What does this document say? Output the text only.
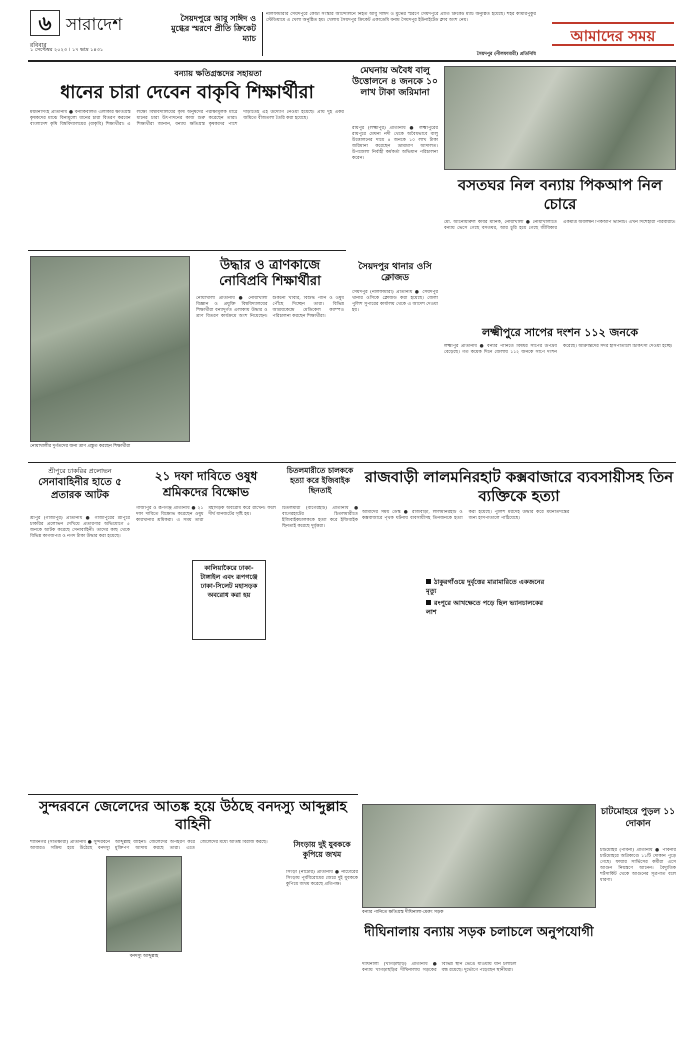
৬ সারাদেশ
রবিবার
১ সেপ্টেম্বর ২০২৩ । ১৭ ভাদ্র ১৪৩১
সৈয়দপুরে আবু সাঈদ ও মুগ্ধের স্মরণে প্রীতি ক্রিকেট ম্যাচ
নীলফামারীর সৈয়দপুরে কোটা সংস্কার আন্দোলনে নিহত আবু সাঈদ ও মুগ্ধের স্মরণে সৈয়দপুরে প্রীতি ক্রিকেট ম্যাচ অনুষ্ঠিত হয়েছে। শহর কামারপুকুর স্টেডিয়ামে এ খেলা অনুষ্ঠিত হয়। খেলায় সৈয়দপুর ক্রিকেট একাডেমি বনাম সৈয়দপুর ইউনাইটেড ক্লাব অংশ নেয়।
সৈয়দপুর (নীলফামারী) প্রতিনিধি
আমাদের সময়
বন্যায় ক্ষতিগ্রস্তদের সহায়তা
ধানের চারা দেবেন বাকৃবি শিক্ষার্থীরা
ময়মনসিংহ প্রতিনিধি ● বন্যাকবলিত এলাকার ক্ষতিগ্রস্ত কৃষকদের মাঝে বিনামূল্যে ধানের চারা বিতরণ করবেন বাংলাদেশ কৃষি বিশ্ববিদ্যালয়ের (বাকৃবি) শিক্ষার্থীরা। এ লক্ষ্যে বিশ্ববিদ্যালয়ের কৃষি অনুষদের পরীক্ষামূলক মাঠে ধানের চারা উৎপাদনের কাজ শুরু করেছেন তারা। শিক্ষার্থীরা জানান, বন্যায় ক্ষতিগ্রস্ত কৃষকদের পাশে দাঁড়াতেই এই উদ্যোগ নেওয়া হয়েছে। প্রায় দুই একর জমিতে বীজতলা তৈরি করা হয়েছে।
মেঘনায় অবৈধ বালু উত্তোলনে ৪ জনকে ১০ লাখ টাকা জরিমানা
রায়পুর (লক্ষ্মীপুর) প্রতিনিধি ● লক্ষ্মীপুরের রায়পুরে মেঘনা নদী থেকে অবৈধভাবে বালু উত্তোলনের দায়ে ৪ জনকে ১০ লাখ টাকা জরিমানা করেছেন ভ্রাম্যমাণ আদালত। উপজেলা নির্বাহী কর্মকর্তা অভিযান পরিচালনা করেন।
বসতঘর নিল বন্যায় পিকআপ নিল চোরে
মো. আনোয়ারুল কবির মানিক, নোয়াখালী ● নোয়াখালীতে বন্যায় ভেসে গেছে বসতঘর, আর চুরি হয়ে গেছে জীবিকার একমাত্র অবলম্বন পিকআপ ভ্যানটি। এখন দিশেহারা পরিবারটি।
নোয়াখালীর দুর্গতদের জন্য ত্রাণ প্রস্তুত করছেন শিক্ষার্থীরা
উদ্ধার ও ত্রাণকাজে নোবিপ্রবি শিক্ষার্থীরা
নোয়াখালী প্রতিনিধি ● নোয়াখালী বিজ্ঞান ও প্রযুক্তি বিশ্ববিদ্যালয়ের শিক্ষার্থীরা বন্যাদুর্গত এলাকায় উদ্ধার ও ত্রাণ বিতরণ কার্যক্রমে অংশ নিয়েছেন। শুকনো খাবার, বিশুদ্ধ পানি ও ওষুধ পৌঁছে দিচ্ছেন তারা। বিভিন্ন আশ্রয়কেন্দ্রে মেডিকেল ক্যাম্পও পরিচালনা করছেন শিক্ষার্থীরা।
সৈয়দপুর থানার ওসি ক্লোজড
সৈয়দপুর (নীলফামারী) প্রতিনিধি ● সৈয়দপুর থানার ওসিকে ক্লোজড করা হয়েছে। জেলা পুলিশ সুপারের কার্যালয় থেকে এ আদেশ দেওয়া হয়।
লক্ষ্মীপুরে সাপের দংশন ১১২ জনকে
লক্ষ্মীপুর প্রতিনিধি ● বন্যার পানিতে বিষধর সাপের উপদ্রব বেড়েছে। গত কয়েক দিনে জেলায় ১১২ জনকে সাপে দংশন করেছে। আক্রান্তদের সদর হাসপাতালে চিকিৎসা দেওয়া হচ্ছে।
শ্রীপুরে চাকরির প্রলোভন
সেনাবাহিনীর হাতে ৫ প্রতারক আটক
শ্রীপুর (গাজীপুর) প্রতিনিধি ● গাজীপুরের শ্রীপুরে চাকরির প্রলোভন দেখিয়ে প্রতারণার অভিযোগে ৫ জনকে আটক করেছে সেনাবাহিনী। তাদের কাছ থেকে বিভিন্ন কাগজপত্র ও নগদ টাকা উদ্ধার করা হয়েছে।
২১ দফা দাবিতে ওষুধ শ্রমিকদের বিক্ষোভ
গাজীপুর ও রূপগঞ্জ প্রতিনিধি ● ২১ দফা দাবিতে বিক্ষোভ করেছেন ওষুধ কারখানার শ্রমিকরা। এ সময় তারা মহাসড়ক অবরোধ করে রাখেন। ফলে দীর্ঘ যানজটের সৃষ্টি হয়।
কালিয়াকৈরে ঢাকা-টাঙ্গাইল এবং রূপগঞ্জে ঢাকা-সিলেট মহাসড়ক অবরোধ করা হয়
চিতলমারীতে চালককে হত্যা করে ইজিবাইক ছিনতাই
চিতলমারী (বাগেরহাট) প্রতিনিধি ● বাগেরহাটের চিতলমারীতে ইজিবাইকচালককে হত্যা করে ইজিবাইক ছিনতাই করেছে দুর্বৃত্তরা।
রাজবাড়ী লালমনিরহাট কক্সবাজারে ব্যবসায়ীসহ তিন ব্যক্তিকে হত্যা
আমাদের সময় ডেস্ক ● রাজবাড়ী, লালমনিরহাট ও কক্সবাজারে পৃথক ঘটনায় ব্যবসায়ীসহ তিনজনকে হত্যা করা হয়েছে। পুলিশ মরদেহ উদ্ধার করে ময়নাতদন্তের জন্য হাসপাতালে পাঠিয়েছে।
ঠাকুরগাঁওয়ে দুর্বৃত্তের মারামারিতে একজনের মৃত্যু
রংপুরে আখক্ষেতে পড়ে ছিল ভ্যানচালকের লাশ
সুন্দরবনে জেলেদের আতঙ্ক হয়ে উঠছে বনদস্যু আব্দুল্লাহ বাহিনী
শ্যামনগর (সাতক্ষীরা) প্রতিনিধি ● সুন্দরবনে আবারও সক্রিয় হয়ে উঠেছে বনদস্যু আব্দুল্লাহ বাহিনী। জেলেদের অপহরণ করে মুক্তিপণ আদায় করছে তারা। এতে জেলেদের মধ্যে আতঙ্ক বিরাজ করছে।
বনদস্যু আব্দুল্লাহ
সিংড়ায় দুই যুবককে কুপিয়ে জখম
সিংড়া (নাটোর) প্রতিনিধি ● নাটোরের সিংড়ায় পূর্ববিরোধের জেরে দুই যুবককে কুপিয়ে জখম করেছে প্রতিপক্ষ।
বন্যার পানিতে ক্ষতিগ্রস্ত দীঘিনালা-মেরুং সড়ক
দীঘিনালায় বন্যায় সড়ক চলাচলে অনুপযোগী
দীঘিনালা (খাগড়াছড়ি) প্রতিনিধি ● বন্যায় খাগড়াছড়ির দীঘিনালায় সড়কের বিভিন্ন স্থান ভেঙে যাওয়ায় যান চলাচল বন্ধ রয়েছে। দুর্ভোগে পড়েছেন স্থানীয়রা।
চাটমোহরে পুড়ল ১১ দোকান
চাটমোহর (পাবনা) প্রতিনিধি ● পাবনার চাটমোহরে অগ্নিকাণ্ডে ১১টি দোকান পুড়ে গেছে। ফায়ার সার্ভিসের কর্মীরা এসে আগুন নিয়ন্ত্রণে আনেন। বৈদ্যুতিক শর্টসার্কিট থেকে আগুনের সূত্রপাত বলে ধারণা।
